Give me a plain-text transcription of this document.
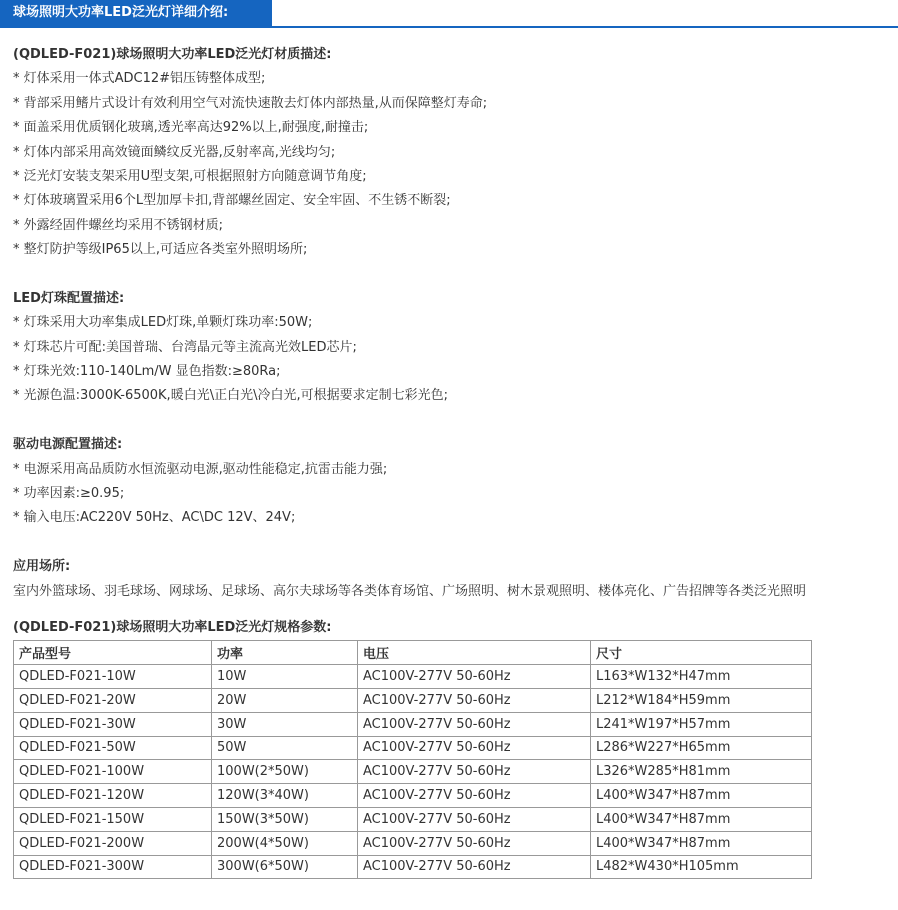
球场照明大功率LED泛光灯详细介绍:
(QDLED-F021)球场照明大功率LED泛光灯材质描述:
* 灯体采用一体式ADC12#铝压铸整体成型;
* 背部采用鳍片式设计有效利用空气对流快速散去灯体内部热量,从而保障整灯寿命;
* 面盖采用优质钢化玻璃,透光率高达92%以上,耐强度,耐撞击;
* 灯体内部采用高效镜面鳞纹反光器,反射率高,光线均匀;
* 泛光灯安装支架采用U型支架,可根据照射方向随意调节角度;
* 灯体玻璃置采用6个L型加厚卡扣,背部螺丝固定、安全牢固、不生锈不断裂;
* 外露经固件螺丝均采用不锈钢材质;
* 整灯防护等级IP65以上,可适应各类室外照明场所;
LED灯珠配置描述:
* 灯珠采用大功率集成LED灯珠,单颗灯珠功率:50W;
* 灯珠芯片可配:美国普瑞、台湾晶元等主流高光效LED芯片;
* 灯珠光效:110-140Lm/W 显色指数:≥80Ra;
* 光源色温:3000K-6500K,暖白光\正白光\冷白光,可根据要求定制七彩光色;
驱动电源配置描述:
* 电源采用高品质防水恒流驱动电源,驱动性能稳定,抗雷击能力强;
* 功率因素:≥0.95;
* 输入电压:AC220V 50Hz、AC\DC 12V、24V;
应用场所:
室内外篮球场、羽毛球场、网球场、足球场、高尔夫球场等各类体育场馆、广场照明、树木景观照明、楼体亮化、广告招牌等各类泛光照明
(QDLED-F021)球场照明大功率LED泛光灯规格参数:
产品型号	功率	电压	尺寸
QDLED-F021-10W	10W	AC100V-277V 50-60Hz	L163*W132*H47mm
QDLED-F021-20W	20W	AC100V-277V 50-60Hz	L212*W184*H59mm
QDLED-F021-30W	30W	AC100V-277V 50-60Hz	L241*W197*H57mm
QDLED-F021-50W	50W	AC100V-277V 50-60Hz	L286*W227*H65mm
QDLED-F021-100W	100W(2*50W)	AC100V-277V 50-60Hz	L326*W285*H81mm
QDLED-F021-120W	120W(3*40W)	AC100V-277V 50-60Hz	L400*W347*H87mm
QDLED-F021-150W	150W(3*50W)	AC100V-277V 50-60Hz	L400*W347*H87mm
QDLED-F021-200W	200W(4*50W)	AC100V-277V 50-60Hz	L400*W347*H87mm
QDLED-F021-300W	300W(6*50W)	AC100V-277V 50-60Hz	L482*W430*H105mm
